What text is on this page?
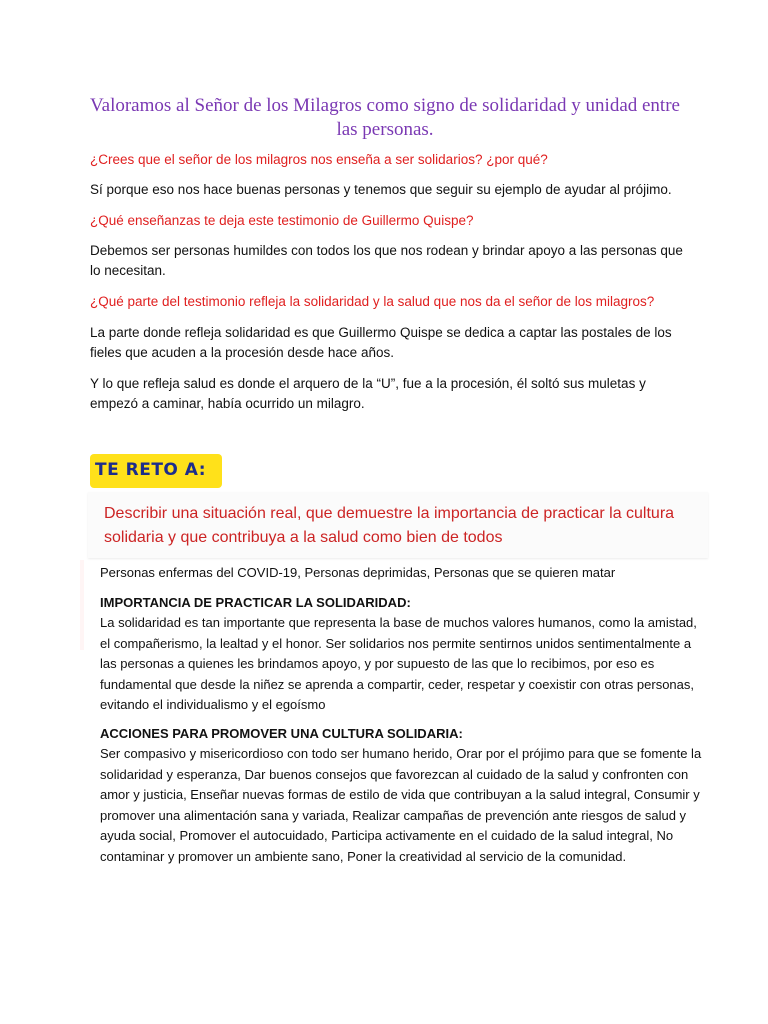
Valoramos al Señor de los Milagros como signo de solidaridad y unidad entre las personas.
¿Crees que el señor de los milagros nos enseña a ser solidarios? ¿por qué?
Sí porque eso nos hace buenas personas y tenemos que seguir su ejemplo de ayudar al prójimo.
¿Qué enseñanzas te deja este testimonio de Guillermo Quispe?
Debemos ser personas humildes con todos los que nos rodean y brindar apoyo a las personas que lo necesitan.
¿Qué parte del testimonio refleja la solidaridad y la salud que nos da el señor de los milagros?
La parte donde refleja solidaridad es que Guillermo Quispe se dedica a captar las postales de los fieles que acuden a la procesión desde hace años.
Y lo que refleja salud es donde el arquero de la “U”, fue a la procesión, él soltó sus muletas y empezó a caminar, había ocurrido un milagro.
TE RETO A:
Describir una situación real, que demuestre la importancia de practicar la cultura solidaria y que contribuya a la salud como bien de todos
Personas enfermas del COVID-19, Personas deprimidas, Personas que se quieren matar
IMPORTANCIA DE PRACTICAR LA SOLIDARIDAD:
La solidaridad es tan importante que representa la base de muchos valores humanos, como la amistad, el compañerismo, la lealtad y el honor. Ser solidarios nos permite sentirnos unidos sentimentalmente a las personas a quienes les brindamos apoyo, y por supuesto de las que lo recibimos, por eso es fundamental que desde la niñez se aprenda a compartir, ceder, respetar y coexistir con otras personas, evitando el individualismo y el egoísmo
ACCIONES PARA PROMOVER UNA CULTURA SOLIDARIA:
Ser compasivo y misericordioso con todo ser humano herido, Orar por el prójimo para que se fomente la solidaridad y esperanza, Dar buenos consejos que favorezcan al cuidado de la salud y confronten con amor y justicia, Enseñar nuevas formas de estilo de vida que contribuyan a la salud integral, Consumir y promover una alimentación sana y variada, Realizar campañas de prevención ante riesgos de salud y ayuda social, Promover el autocuidado, Participa activamente en el cuidado de la salud integral, No contaminar y promover un ambiente sano, Poner la creatividad al servicio de la comunidad.
